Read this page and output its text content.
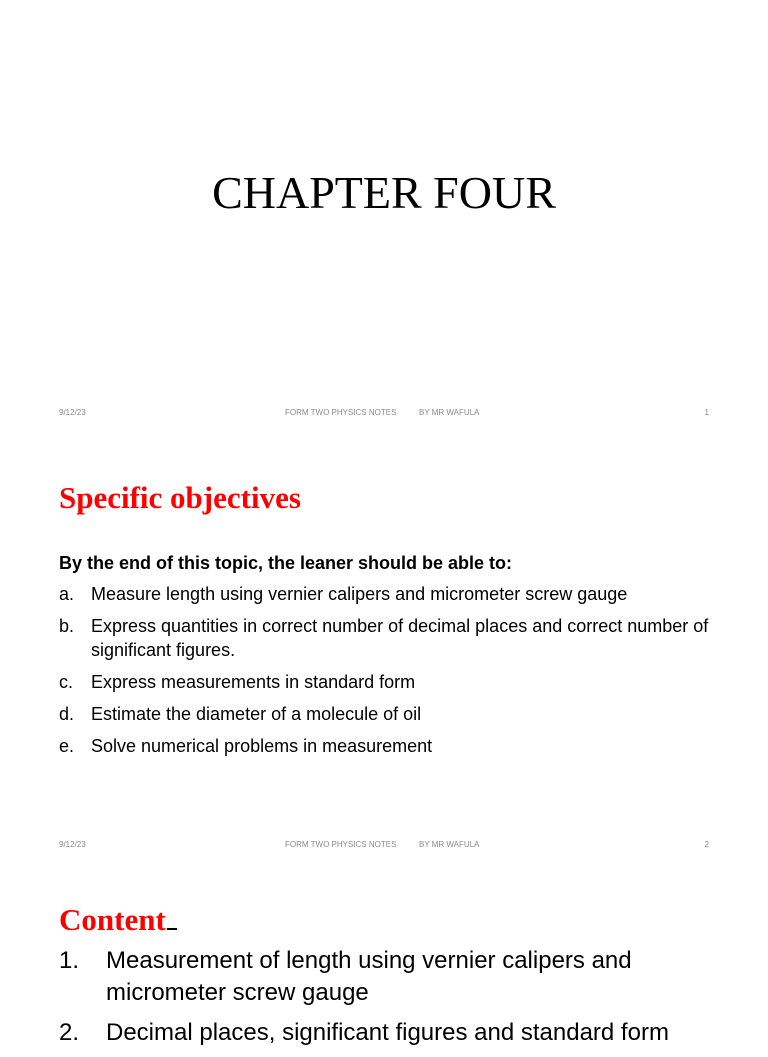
CHAPTER FOUR
9/12/23	FORM TWO PHYSICS NOTES	BY MR WAFULA	1
Specific objectives
By the end of this topic, the leaner should be able to:
a. Measure length using vernier calipers and micrometer screw gauge
b. Express quantities in correct number of decimal places and correct number of significant figures.
c. Express measurements in standard form
d. Estimate the diameter of a molecule of oil
e. Solve numerical problems in measurement
9/12/23	FORM TWO PHYSICS NOTES	BY MR WAFULA	2
Content
1. Measurement of length using vernier calipers and micrometer screw gauge
2. Decimal places, significant figures and standard form
